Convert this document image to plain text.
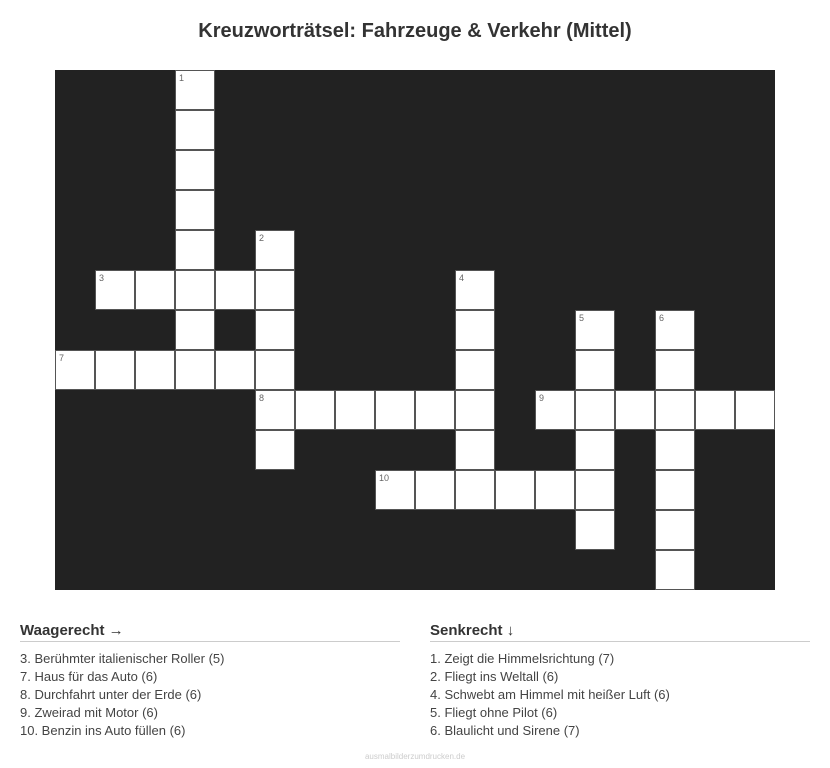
Kreuzworträtsel: Fahrzeuge & Verkehr (Mittel)
1
2
8
3
7
4
10
5
9
6
Waagerecht →
3. Berühmter italienischer Roller (5)
7. Haus für das Auto (6)
8. Durchfahrt unter der Erde (6)
9. Zweirad mit Motor (6)
10. Benzin ins Auto füllen (6)
Senkrecht ↓
1. Zeigt die Himmelsrichtung (7)
2. Fliegt ins Weltall (6)
4. Schwebt am Himmel mit heißer Luft (6)
5. Fliegt ohne Pilot (6)
6. Blaulicht und Sirene (7)
ausmalbilderzumdrucken.de
